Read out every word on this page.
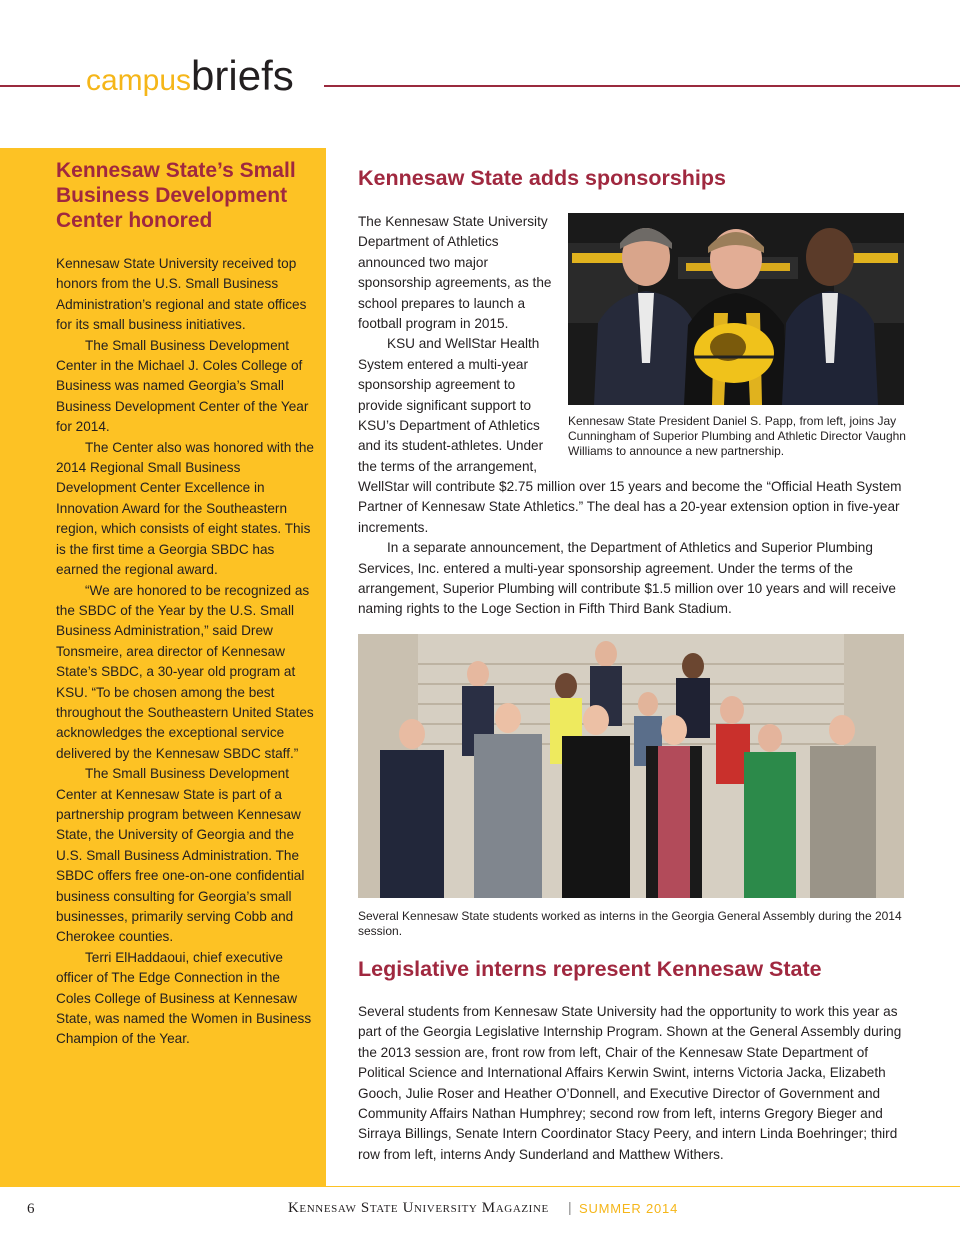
campusbriefs
Kennesaw State’s Small Business Development Center honored

Kennesaw State University received top honors from the U.S. Small Business Administration’s regional and state offices for its small business initiatives.

The Small Business Development Center in the Michael J. Coles College of Business was named Georgia’s Small Business Development Center of the Year for 2014.

The Center also was honored with the 2014 Regional Small Business Development Center Excellence in Innovation Award for the Southeastern region, which consists of eight states. This is the first time a Georgia SBDC has earned the regional award.

“We are honored to be recognized as the SBDC of the Year by the U.S. Small Business Administration,” said Drew Tonsmeire, area director of Kennesaw State’s SBDC, a 30-year old program at KSU. “To be chosen among the best throughout the Southeastern United States acknowledges the exceptional service delivered by the Kennesaw SBDC staff.”

The Small Business Development Center at Kennesaw State is part of a partnership program between Kennesaw State, the University of Georgia and the U.S. Small Business Administration. The SBDC offers free one-on-one confidential business consulting for Georgia’s small businesses, primarily serving Cobb and Cherokee counties.

Terri ElHaddaoui, chief executive officer of The Edge Connection in the Coles College of Business at Kennesaw State, was named the Women in Business Champion of the Year.

Kennesaw State adds sponsorships

The Kennesaw State University Department of Athletics announced two major sponsorship agreements, as the school prepares to launch a football program in 2015.

KSU and WellStar Health System entered a multi-year sponsorship agreement to provide significant support to KSU’s Department of Athletics and its student-athletes. Under the terms of the arrangement,

Kennesaw State President Daniel S. Papp, from left, joins Jay Cunningham of Superior Plumbing and Athletic Director Vaughn Williams to announce a new partnership.

WellStar will contribute $2.75 million over 15 years and become the “Official Heath System Partner of Kennesaw State Athletics.” The deal has a 20-year extension option in five-year increments.

In a separate announcement, the Department of Athletics and Superior Plumbing Services, Inc. entered a multi-year sponsorship agreement. Under the terms of the arrangement, Superior Plumbing will contribute $1.5 million over 10 years and will receive naming rights to the Loge Section in Fifth Third Bank Stadium.

Several Kennesaw State students worked as interns in the Georgia General Assembly during the 2014 session.
Legislative interns represent Kennesaw State

Several students from Kennesaw State University had the opportunity to work this year as part of the Georgia Legislative Internship Program. Shown at the General Assembly during the 2013 session are, front row from left, Chair of the Kennesaw State Department of Political Science and International Affairs Kerwin Swint, interns Victoria Jacka, Elizabeth Gooch, Julie Roser and Heather O’Donnell, and Executive Director of Government and Community Affairs Nathan Humphrey; second row from left, interns Gregory Bieger and Sirraya Billings, Senate Intern Coordinator Stacy Peery, and intern Linda Boehringer; third row from left, interns Andy Sunderland and Matthew Withers.

6	Kennesaw State University Magazine | SUMMER 2014
